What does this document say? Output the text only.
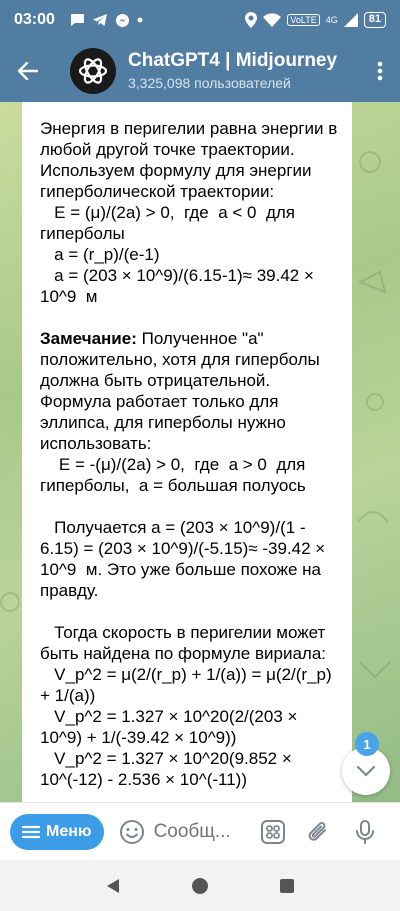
03:00	VoLTE	4G	81
ChatGPT4 | Midjourney
3,325,098 пользователей
Энергия в перигелии равна энергии в любой другой точке траектории. Используем формулу для энергии гиперболической траектории:
E = (μ)/(2a) > 0,  где  a < 0  для гиперболы
a = (r_p)/(e-1)
a = (203 × 10^9)/(6.15-1)≈ 39.42 × 10^9  м

Замечание: Полученное "a" положительно, хотя для гиперболы должна быть отрицательной. Формула работает только для эллипса, для гиперболы нужно использовать:
E = -(μ)/(2a) > 0,  где  a > 0  для гиперболы,  a = большая полуось

Получается a = (203 × 10^9)/(1 - 6.15) = (203 × 10^9)/(-5.15)≈ -39.42 × 10^9  м. Это уже больше похоже на правду.

Тогда скорость в перигелии может быть найдена по формуле вириала:
V_p^2 = μ(2/(r_p) + 1/(a)) = μ(2/(r_p) + 1/(a))
V_p^2 = 1.327 × 10^20(2/(203 × 10^9) + 1/(-39.42 × 10^9))
V_p^2 = 1.327 × 10^20(9.852 × 10^(-12) - 2.536 × 10^(-11))
1
Меню
Сообщ...
